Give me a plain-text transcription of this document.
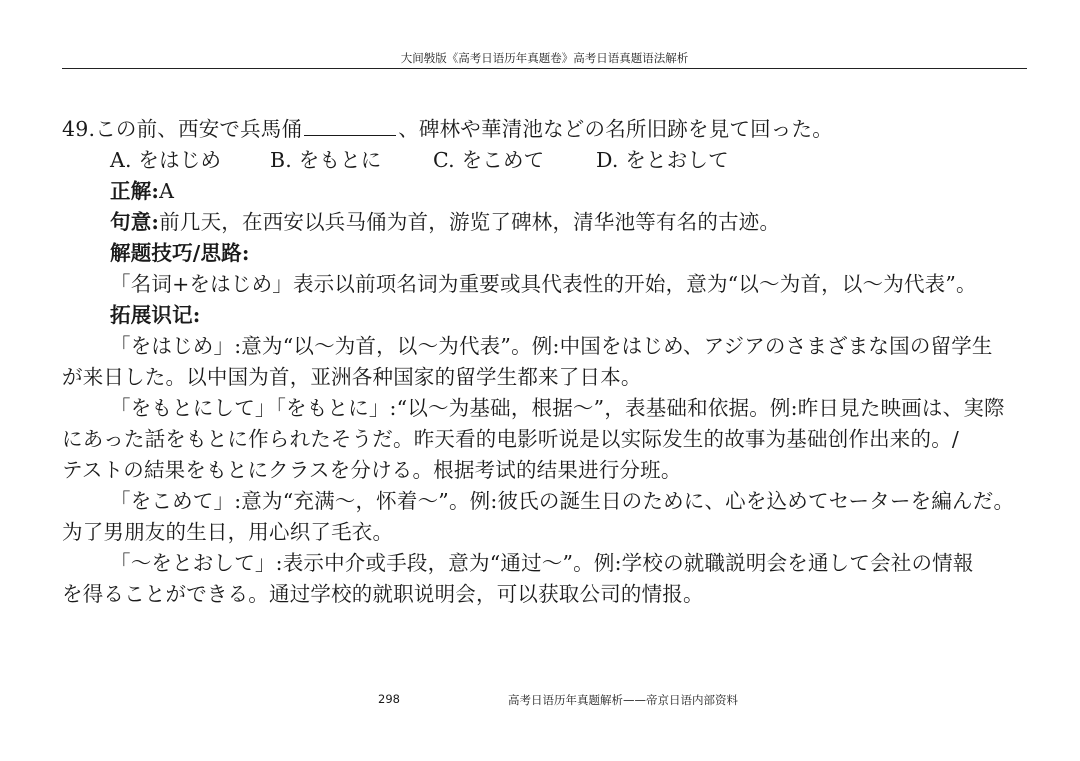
大间斅版《高考日语历年真题卷》高考日语真题语法解析

49.この前、西安で兵馬俑	、碑林や華清池などの名所旧跡を見て回った。

A. をはじめ B. をもとに	C. をこめて	D. をとおして

正解:A

句意:前几天，在西安以兵马俑为首，游览了碑林，清华池等有名的古迹。

解题技巧/思路:

「名词+をはじめ」表示以前项名词为重要或具代表性的开始，意为“以～为首，以～为代表”。

拓展识记:

「をはじめ」:意为“以～为首，以～为代表”。例:中国をはじめ、アジアのさまざまな国の留学生

が来日した。以中国为首，亚洲各种国家的留学生都来了日本。

「をもとにして」「をもとに」:“以～为基础，根据～”，表基础和依据。例:昨日見た映画は、実際

にあった話をもとに作られたそうだ。昨天看的电影听说是以实际发生的故事为基础创作出来的。/

テストの結果をもとにクラスを分ける。根据考试的结果进行分班。

「をこめて」:意为“充满～，怀着～”。例:彼氏の誕生日のために、心を込めてセーターを編んだ。

为了男朋友的生日，用心织了毛衣。

「～をとおして」:表示中介或手段，意为“通过～”。例:学校の就職説明会を通して会社の情報

を得ることができる。通过学校的就职说明会，可以获取公司的情报。

298	高考日语历年真题解析——帝京日语内部资料
